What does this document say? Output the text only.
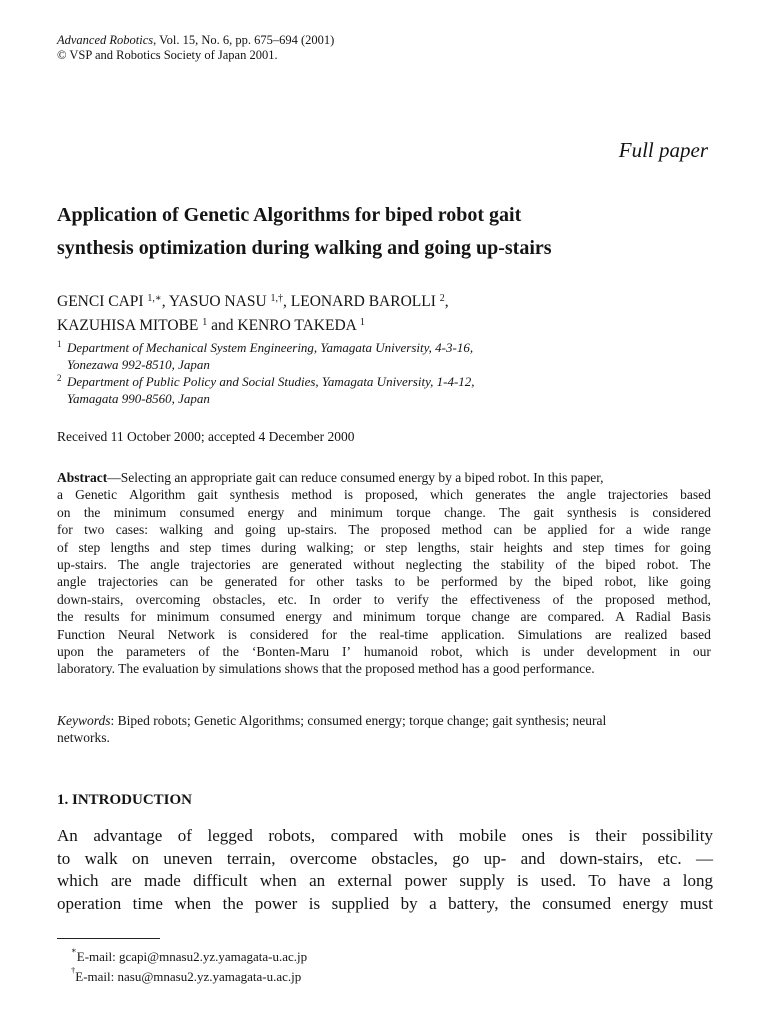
Advanced Robotics, Vol. 15, No. 6, pp. 675–694 (2001)
© VSP and Robotics Society of Japan 2001.
Full paper
Application of Genetic Algorithms for biped robot gait
synthesis optimization during walking and going up-stairs
GENCI CAPI $^{1,∗}$, YASUO NASU $^{1,\dagger}$, LEONARD BAROLLI $^2$,
KAZUHISA MITOBE $^1$ and KENRO TAKEDA $^1$
1 Department of Mechanical System Engineering, Yamagata University, 4-3-16,
Yonezawa 992-8510, Japan
2 Department of Public Policy and Social Studies, Yamagata University, 1-4-12,
Yamagata 990-8560, Japan
Received 11 October 2000; accepted 4 December 2000
Abstract—Selecting an appropriate gait can reduce consumed energy by a biped robot. In this paper,
a Genetic Algorithm gait synthesis method is proposed, which generates the angle trajectories based
on the minimum consumed energy and minimum torque change. The gait synthesis is considered
for two cases: walking and going up-stairs. The proposed method can be applied for a wide range
of step lengths and step times during walking; or step lengths, stair heights and step times for going
up-stairs. The angle trajectories are generated without neglecting the stability of the biped robot. The
angle trajectories can be generated for other tasks to be performed by the biped robot, like going
down-stairs, overcoming obstacles, etc. In order to verify the effectiveness of the proposed method,
the results for minimum consumed energy and minimum torque change are compared. A Radial Basis
Function Neural Network is considered for the real-time application. Simulations are realized based
upon the parameters of the ‘Bonten-Maru I’ humanoid robot, which is under development in our
laboratory. The evaluation by simulations shows that the proposed method has a good performance.
Keywords: Biped robots; Genetic Algorithms; consumed energy; torque change; gait synthesis; neural
networks.
1. INTRODUCTION
An advantage of legged robots, compared with mobile ones is their possibility
to walk on uneven terrain, overcome obstacles, go up- and down-stairs, etc. —
which are made difficult when an external power supply is used. To have a long
operation time when the power is supplied by a battery, the consumed energy must
∗E-mail: gcapi@mnasu2.yz.yamagata-u.ac.jp
†E-mail: nasu@mnasu2.yz.yamagata-u.ac.jp
